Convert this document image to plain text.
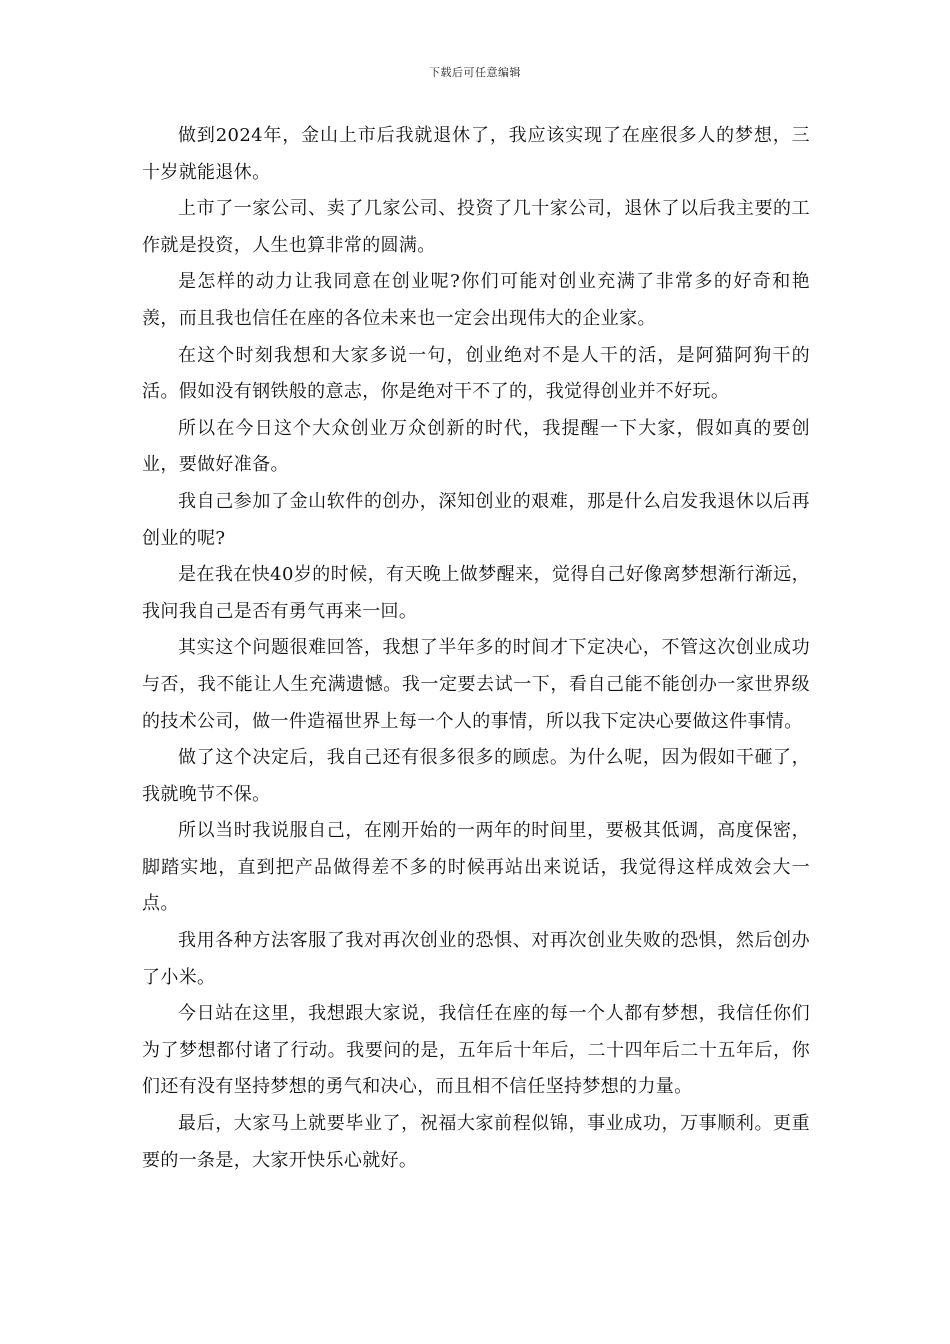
下载后可任意编辑

做到2024年，金山上市后我就退休了，我应该实现了在座很多人的梦想，三十岁就能退休。

上市了一家公司、卖了几家公司、投资了几十家公司，退休了以后我主要的工作就是投资，人生也算非常的圆满。

是怎样的动力让我同意在创业呢?你们可能对创业充满了非常多的好奇和艳羡，而且我也信任在座的各位未来也一定会出现伟大的企业家。

在这个时刻我想和大家多说一句，创业绝对不是人干的活，是阿猫阿狗干的活。假如没有钢铁般的意志，你是绝对干不了的，我觉得创业并不好玩。

所以在今日这个大众创业万众创新的时代，我提醒一下大家，假如真的要创业，要做好准备。

我自己参加了金山软件的创办，深知创业的艰难，那是什么启发我退休以后再创业的呢?

是在我在快40岁的时候，有天晚上做梦醒来，觉得自己好像离梦想渐行渐远，我问我自己是否有勇气再来一回。

其实这个问题很难回答，我想了半年多的时间才下定决心，不管这次创业成功与否，我不能让人生充满遗憾。我一定要去试一下，看自己能不能创办一家世界级的技术公司，做一件造福世界上每一个人的事情，所以我下定决心要做这件事情。

做了这个决定后，我自己还有很多很多的顾虑。为什么呢，因为假如干砸了，我就晚节不保。

所以当时我说服自己，在刚开始的一两年的时间里，要极其低调，高度保密，脚踏实地，直到把产品做得差不多的时候再站出来说话，我觉得这样成效会大一点。

我用各种方法客服了我对再次创业的恐惧、对再次创业失败的恐惧，然后创办了小米。

今日站在这里，我想跟大家说，我信任在座的每一个人都有梦想，我信任你们为了梦想都付诸了行动。我要问的是，五年后十年后，二十四年后二十五年后，你们还有没有坚持梦想的勇气和决心，而且相不信任坚持梦想的力量。

最后，大家马上就要毕业了，祝福大家前程似锦，事业成功，万事顺利。更重要的一条是，大家开快乐心就好。
